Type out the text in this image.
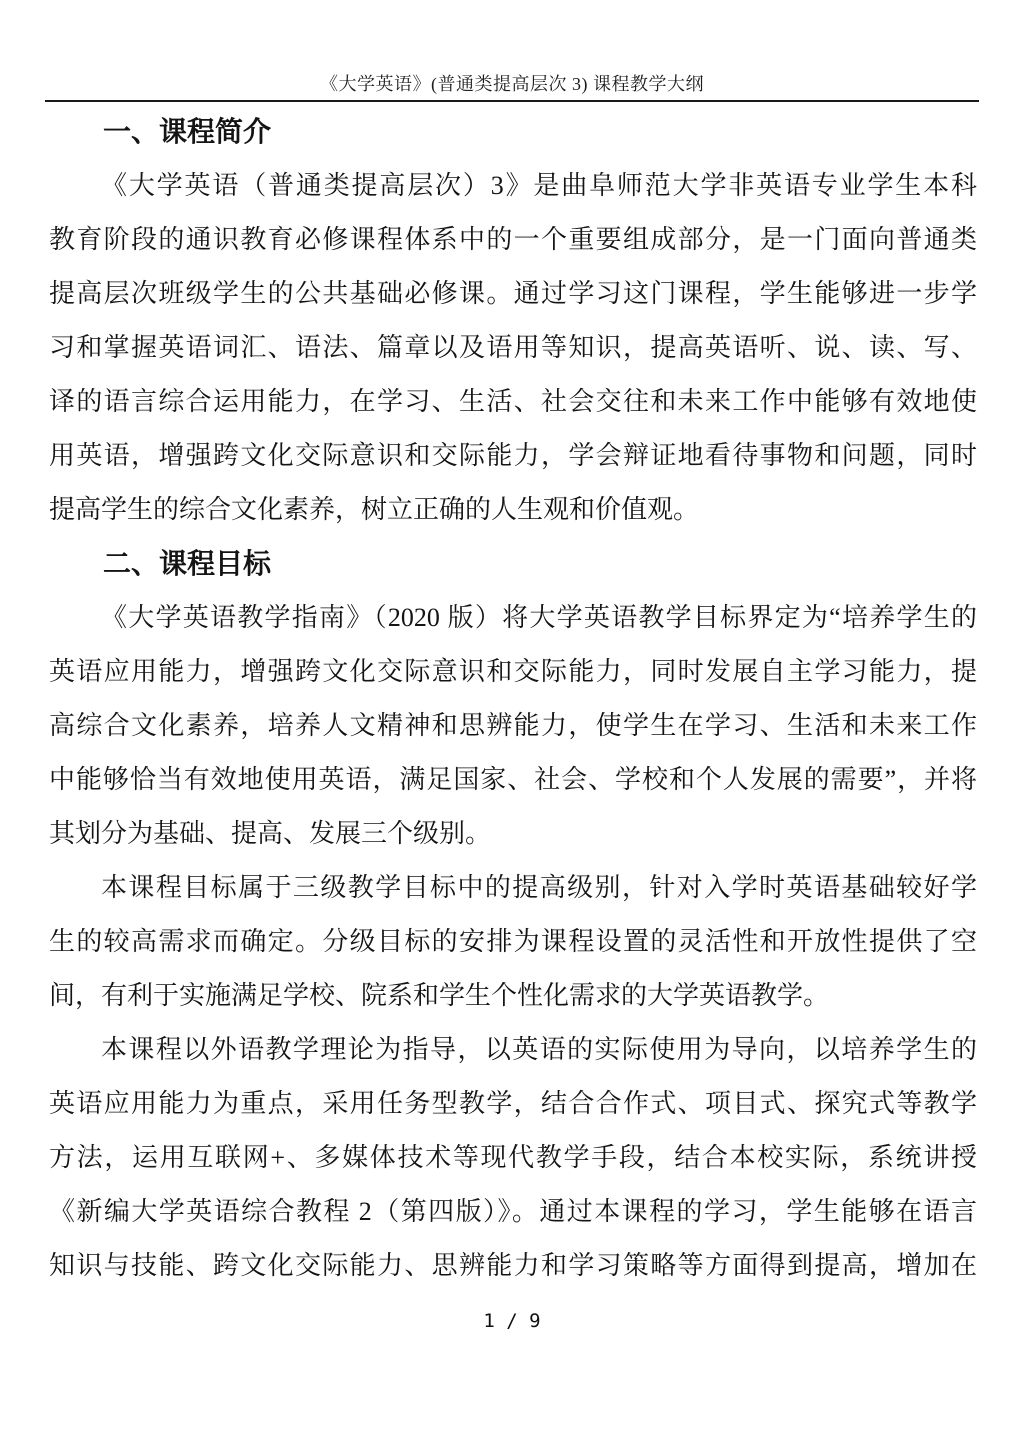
《大学英语》(普通类提高层次 3) 课程教学大纲
一、课程简介
《大学英语（普通类提高层次）3》是曲阜师范大学非英语专业学生本科
教育阶段的通识教育必修课程体系中的一个重要组成部分，是一门面向普通类
提高层次班级学生的公共基础必修课。通过学习这门课程，学生能够进一步学
习和掌握英语词汇、语法、篇章以及语用等知识，提高英语听、说、读、写、
译的语言综合运用能力，在学习、生活、社会交往和未来工作中能够有效地使
用英语，增强跨文化交际意识和交际能力，学会辩证地看待事物和问题，同时
提高学生的综合文化素养，树立正确的人生观和价值观。
二、课程目标
《大学英语教学指南》（2020 版）将大学英语教学目标界定为“培养学生的
英语应用能力，增强跨文化交际意识和交际能力，同时发展自主学习能力，提
高综合文化素养，培养人文精神和思辨能力，使学生在学习、生活和未来工作
中能够恰当有效地使用英语，满足国家、社会、学校和个人发展的需要”，并将
其划分为基础、提高、发展三个级别。
本课程目标属于三级教学目标中的提高级别，针对入学时英语基础较好学
生的较高需求而确定。分级目标的安排为课程设置的灵活性和开放性提供了空
间，有利于实施满足学校、院系和学生个性化需求的大学英语教学。
本课程以外语教学理论为指导，以英语的实际使用为导向，以培养学生的
英语应用能力为重点，采用任务型教学，结合合作式、项目式、探究式等教学
方法，运用互联网+、多媒体技术等现代教学手段，结合本校实际，系统讲授
《新编大学英语综合教程 2（第四版）》。通过本课程的学习，学生能够在语言
知识与技能、跨文化交际能力、思辨能力和学习策略等方面得到提高，增加在
1 / 9
